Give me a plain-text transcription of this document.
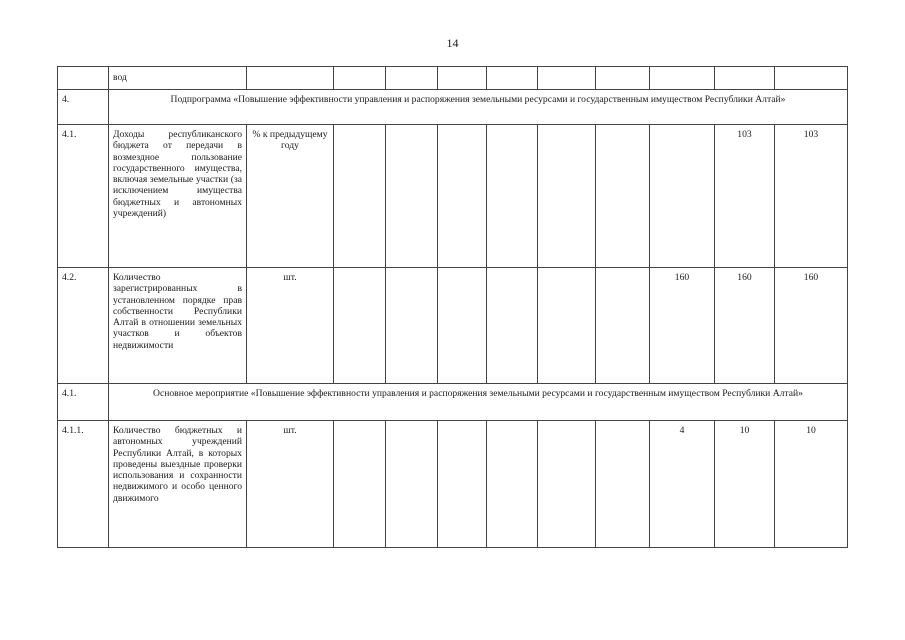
14
	вод										
4.	Подпрограмма «Повышение эффективности управления и распоряжения земельными ресурсами и государственным имуществом Республики Алтай»										
4.1.	Доходы республиканского бюджета от передачи в возмездное пользование государственного имущества, включая земельные участки (за исключением имущества бюджетных и автономных учреждений)	% к предыдущему году								103	103
4.2.	Количество зарегистрированных в установленном порядке прав собственности Республики Алтай в отношении земельных участков и объектов недвижимости	шт.							160	160	160
4.1.	Основное мероприятие «Повышение эффективности управления и распоряжения земельными ресурсами и государственным имуществом Республики Алтай»										
4.1.1.	Количество бюджетных и автономных учреждений Республики Алтай, в которых проведены выездные проверки использования и сохранности недвижимого и особо ценного движимого	шт.							4	10	10
